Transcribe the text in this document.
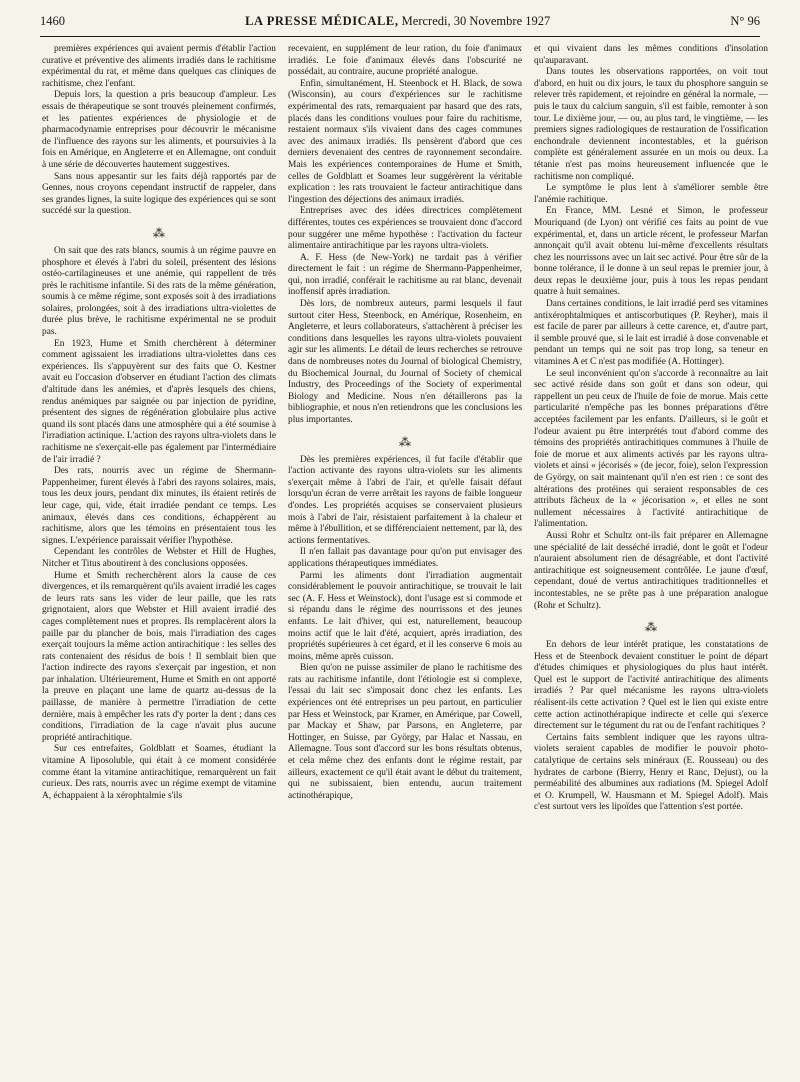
1460	LA PRESSE MÉDICALE, Mercredi, 30 Novembre 1927	N° 96

premières expériences qui avaient permis d'établir l'action curative et préventive des aliments irradiés dans le rachitisme expérimental du rat, et même dans quelques cas cliniques de rachitisme, chez l'enfant.

Depuis lors, la question a pris beaucoup d'ampleur. Les essais de thérapeutique se sont trouvés pleinement confirmés, et les patientes expériences de physiologie et de pharmacodynamie entreprises pour découvrir le mécanisme de l'influence des rayons sur les aliments, et poursuivies à la fois en Amérique, en Angleterre et en Allemagne, ont conduit à une série de découvertes hautement suggestives.

Sans nous appesantir sur les faits déjà rapportés par de Gennes, nous croyons cependant instructif de rappeler, dans ses grandes lignes, la suite logique des expériences qui se sont succédé sur la question.

⁂

On sait que des rats blancs, soumis à un régime pauvre en phosphore et élevés à l'abri du soleil, présentent des lésions ostéo-cartilagineuses et une anémie, qui rappellent de très près le rachitisme infantile. Si des rats de la même génération, soumis à ce même régime, sont exposés soit à des irradiations solaires, prolongées, soit à des irradiations ultra-violettes de durée plus brève, le rachitisme expérimental ne se produit pas.

En 1923, Hume et Smith cherchèrent à déterminer comment agissaient les irradiations ultra-violettes dans ces expériences. Ils s'appuyèrent sur des faits que O. Kestner avait eu l'occasion d'observer en étudiant l'action des climats d'altitude dans les anémies, et d'après lesquels des chiens, rendus anémiques par saignée ou par injection de pyridine, présentent des signes de régénération globulaire plus active quand ils sont placés dans une atmosphère qui a été soumise à l'irradiation actinique. L'action des rayons ultra-violets dans le rachitisme ne s'exerçait-elle pas également par l'intermédiaire de l'air irradié ?

Des rats, nourris avec un régime de Shermann-Pappenheimer, furent élevés à l'abri des rayons solaires, mais, tous les deux jours, pendant dix minutes, ils étaient retirés de leur cage, qui, vide, était irradiée pendant ce temps. Les animaux, élevés dans ces conditions, échappèrent au rachitisme, alors que les témoins en présentaient tous les signes. L'expérience paraissait vérifier l'hypothèse.

Cependant les contrôles de Webster et Hill de Hughes, Nitcher et Titus aboutirent à des conclusions opposées.

Hume et Smith recherchèrent alors la cause de ces divergences, et ils remarquèrent qu'ils avaient irradié les cages de leurs rats sans les vider de leur paille, que les rats grignotaient, alors que Webster et Hill avaient irradié des cages complètement nues et propres. Ils remplacèrent alors la paille par du plancher de bois, mais l'irradiation des cages exerçait toujours la même action antirachitique : les selles des rats contenaient des résidus de bois ! Il semblait bien que l'action indirecte des rayons s'exerçait par ingestion, et non par inhalation. Ultérieurement, Hume et Smith en ont apporté la preuve en plaçant une lame de quartz au-dessus de la paillasse, de manière à permettre l'irradiation de cette dernière, mais à empêcher les rats d'y porter la dent ; dans ces conditions, l'irradiation de la cage n'avait plus aucune propriété antirachitique.

Sur ces entrefaites, Goldblatt et Soames, étudiant la vitamine A liposoluble, qui était à ce moment considérée comme étant la vitamine antirachitique, remarquèrent un fait curieux. Des rats, nourris avec un régime exempt de vitamine A, échappaient à la xérophtalmie s'ils

recevaient, en supplément de leur ration, du foie d'animaux irradiés. Le foie d'animaux élevés dans l'obscurité ne possédait, au contraire, aucune propriété analogue.

Enfin, simultanément, H. Steenbock et H. Black, de sowa (Wisconsin), au cours d'expériences sur le rachitisme expérimental des rats, remarquaient par hasard que des rats, placés dans les conditions voulues pour faire du rachitisme, restaient normaux s'ils vivaient dans des cages communes avec des animaux irradiés. Ils pensèrent d'abord que ces derniers devenaient des centres de rayonnement secondaire. Mais les expériences contemporaines de Hume et Smith, celles de Goldblatt et Soames leur suggérèrent la véritable explication : les rats trouvaient le facteur antirachitique dans l'ingestion des déjections des animaux irradiés.

Entreprises avec des idées directrices complètement différentes, toutes ces expériences se trouvaient donc d'accord pour suggérer une même hypothèse : l'activation du facteur alimentaire antirachitique par les rayons ultra-violets.

A. F. Hess (de New-York) ne tardait pas à vérifier directement le fait : un régime de Shermann-Pappenheimer, qui, non irradié, conférait le rachitisme au rat blanc, devenait inoffensif après irradiation.

Dès lors, de nombreux auteurs, parmi lesquels il faut surtout citer Hess, Steenbock, en Amérique, Rosenheim, en Angleterre, et leurs collaborateurs, s'attachèrent à préciser les conditions dans lesquelles les rayons ultra-violets pouvaient agir sur les aliments. Le détail de leurs recherches se retrouve dans de nombreuses notes du Journal of biological Chemistry, du Biochemical Journal, du Journal of Society of chemical Industry, des Proceedings of the Society of experimental Biology and Medicine. Nous n'en détaillerons pas la bibliographie, et nous n'en retiendrons que les conclusions les plus importantes.

⁂

Dès les premières expériences, il fut facile d'établir que l'action activante des rayons ultra-violets sur les aliments s'exerçait même à l'abri de l'air, et qu'elle faisait défaut lorsqu'un écran de verre arrêtait les rayons de faible longueur d'ondes. Les propriétés acquises se conservaient plusieurs mois à l'abri de l'air, résistaient parfaitement à la chaleur et même à l'ébullition, et se différenciaient nettement, par là, des actions fermentatives.

Il n'en fallait pas davantage pour qu'on put envisager des applications thérapeutiques immédiates.

Parmi les aliments dont l'irradiation augmentait considérablement le pouvoir antirachitique, se trouvait le lait sec (A. F. Hess et Weinstock), dont l'usage est si commode et si répandu dans le régime des nourrissons et des jeunes enfants. Le lait d'hiver, qui est, naturellement, beaucoup moins actif que le lait d'été, acquiert, après irradiation, des propriétés supérieures à cet égard, et il les conserve 6 mois au moins, même après cuisson.

Bien qu'on ne puisse assimiler de plano le rachitisme des rats au rachitisme infantile, dont l'étiologie est si complexe, l'essai du lait sec s'imposait donc chez les enfants. Les expériences ont été entreprises un peu partout, en particulier par Hess et Weinstock, par Kramer, en Amérique, par Cowell, par Mackay et Shaw, par Parsons, en Angleterre, par Hottinger, en Suisse, par György, par Halac et Nassau, en Allemagne. Tous sont d'accord sur les bons résultats obtenus, et cela même chez des enfants dont le régime restait, par ailleurs, exactement ce qu'il était avant le début du traitement, qui ne subissaient, bien entendu, aucun traitement actinothérapique,

et qui vivaient dans les mêmes conditions d'insolation qu'auparavant.

Dans toutes les observations rapportées, on voit tout d'abord, en huit ou dix jours, le taux du phosphore sanguin se relever très rapidement, et rejoindre en général la normale, — puis le taux du calcium sanguin, s'il est faible, remonter à son tour. Le dixième jour, — ou, au plus tard, le vingtième, — les premiers signes radiologiques de restauration de l'ossification enchondrale deviennent incontestables, et la guérison complète est généralement assurée en un mois ou deux. La tétanie n'est pas moins heureusement influencée que le rachitisme non compliqué.

Le symptôme le plus lent à s'améliorer semble être l'anémie rachitique.

En France, MM. Lesné et Simon, le professeur Mouriquand (de Lyon) ont vérifié ces faits au point de vue expérimental, et, dans un article récent, le professeur Marfan annonçait qu'il avait obtenu lui-même d'excellents résultats chez les nourrissons avec un lait sec activé. Pour être sûr de la bonne tolérance, il le donne à un seul repas le premier jour, à deux repas le deuxième jour, puis à tous les repas pendant quatre à huit semaines.

Dans certaines conditions, le lait irradié perd ses vitamines antixérophtalmiques et antiscorbutiques (P. Reyher), mais il est facile de parer par ailleurs à cette carence, et, d'autre part, il semble prouvé que, si le lait est irradié à dose convenable et pendant un temps qui ne soit pas trop long, sa teneur en vitamines A et C n'est pas modifiée (A. Hottinger).

Le seul inconvénient qu'on s'accorde à reconnaître au lait sec activé réside dans son goût et dans son odeur, qui rappellent un peu ceux de l'huile de foie de morue. Mais cette particularité n'empêche pas les bonnes préparations d'être acceptées facilement par les enfants. D'ailleurs, si le goût et l'odeur avaient pu être interprétés tout d'abord comme des témoins des propriétés antirachitiques communes à l'huile de foie de morue et aux aliments activés par les rayons ultra-violets et ainsi « jécorisés » (de jecor, foie), selon l'expression de György, on sait maintenant qu'il n'en est rien : ce sont des altérations des protéines qui seraient responsables de ces attributs fâcheux de la « jécorisation », et elles ne sont nullement nécessaires à l'activité antirachitique de l'alimentation.

Aussi Rohr et Schultz ont-ils fait préparer en Allemagne une spécialité de lait desséché irradié, dont le goût et l'odeur n'auraient absolument rien de désagréable, et dont l'activité antirachitique est soigneusement contrôlée. Le jaune d'œuf, cependant, doué de vertus antirachitiques traditionnelles et incontestables, ne se prête pas à une préparation analogue (Rohr et Schultz).

⁂

En dehors de leur intérêt pratique, les constatations de Hess et de Steenbock devaient constituer le point de départ d'études chimiques et physiologiques du plus haut intérêt. Quel est le support de l'activité antirachitique des aliments irradiés ? Par quel mécanisme les rayons ultra-violets réalisent-ils cette activation ? Quel est le lien qui existe entre cette action actinothérapique indirecte et celle qui s'exerce directement sur le tégument du rat ou de l'enfant rachitiques ?

Certains faits semblent indiquer que les rayons ultra-violets seraient capables de modifier le pouvoir photo-catalytique de certains sels minéraux (E. Rousseau) ou des hydrates de carbone (Bierry, Henry et Ranc, Dejust), ou la perméabilité des albumines aux radiations (M. Spiegel Adolf et O. Krumpell, W. Hausmann et M. Spiegel Adolf). Mais c'est surtout vers les lipoïdes que l'attention s'est portée.
